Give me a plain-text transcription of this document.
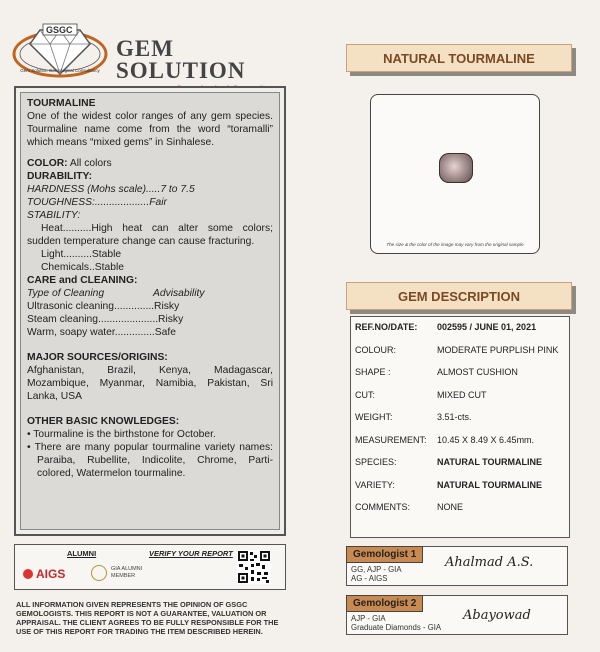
GSGC
Gem Solution Gemological Consultancy
GEM SOLUTION
TOURMALINE
One of the widest color ranges of any gem species. Tourmaline name come from the word “toramalli” which means “mixed gems” in Sinhalese.
COLOR: All colors
DURABILITY:
HARDNESS (Mohs scale).....7 to 7.5
TOUGHNESS:...................Fair
STABILITY:
Heat..........High heat can alter some colors; sudden temperature change can cause fracturing.
Light..........Stable
Chemicals..Stable
CARE and CLEANING:
Type of Cleaning	Advisability
Ultrasonic cleaning..............Risky
Steam cleaning.....................Risky
Warm, soapy water..............Safe
MAJOR SOURCES/ORIGINS:
Afghanistan, Brazil, Kenya, Madagascar, Mozambique, Myanmar, Namibia, Pakistan, Sri Lanka, USA
OTHER BASIC KNOWLEDGES:
• Tourmaline is the birthstone for October.
• There are many popular tourmaline variety names: Paraiba, Rubellite, Indicolite, Chrome, Parti-colored, Watermelon tourmaline.
ALUMNI	VERIFY YOUR REPORT
AIGS	GIA ALUMNI
MEMBER
ALL INFORMATION GIVEN REPRESENTS THE OPINION OF GSGC GEMOLOGISTS. THIS REPORT IS NOT A GUARANTEE, VALUATION OR APPRAISAL. THE CLIENT AGREES TO BE FULLY RESPONSIBLE FOR THE USE OF THIS REPORT FOR TRADING THE ITEM DESCRIBED HEREIN.
NATURAL TOURMALINE
The size & the color of the image may vary from the original sample
GEM DESCRIPTION
REF.NO/DATE:	002595 / JUNE 01, 2021
COLOUR:	MODERATE PURPLISH PINK
SHAPE :	ALMOST CUSHION
CUT:	MIXED CUT
WEIGHT:	3.51-cts.
MEASUREMENT:	10.45 X 8.49 X 6.45mm.
SPECIES:	NATURAL TOURMALINE
VARIETY:	NATURAL TOURMALINE
COMMENTS:	NONE
Gemologist 1
GG, AJP - GIA
AG - AIGS
Ahalmad A.S.
Gemologist 2
AJP - GIA
Graduate Diamonds - GIA
Abayowad
